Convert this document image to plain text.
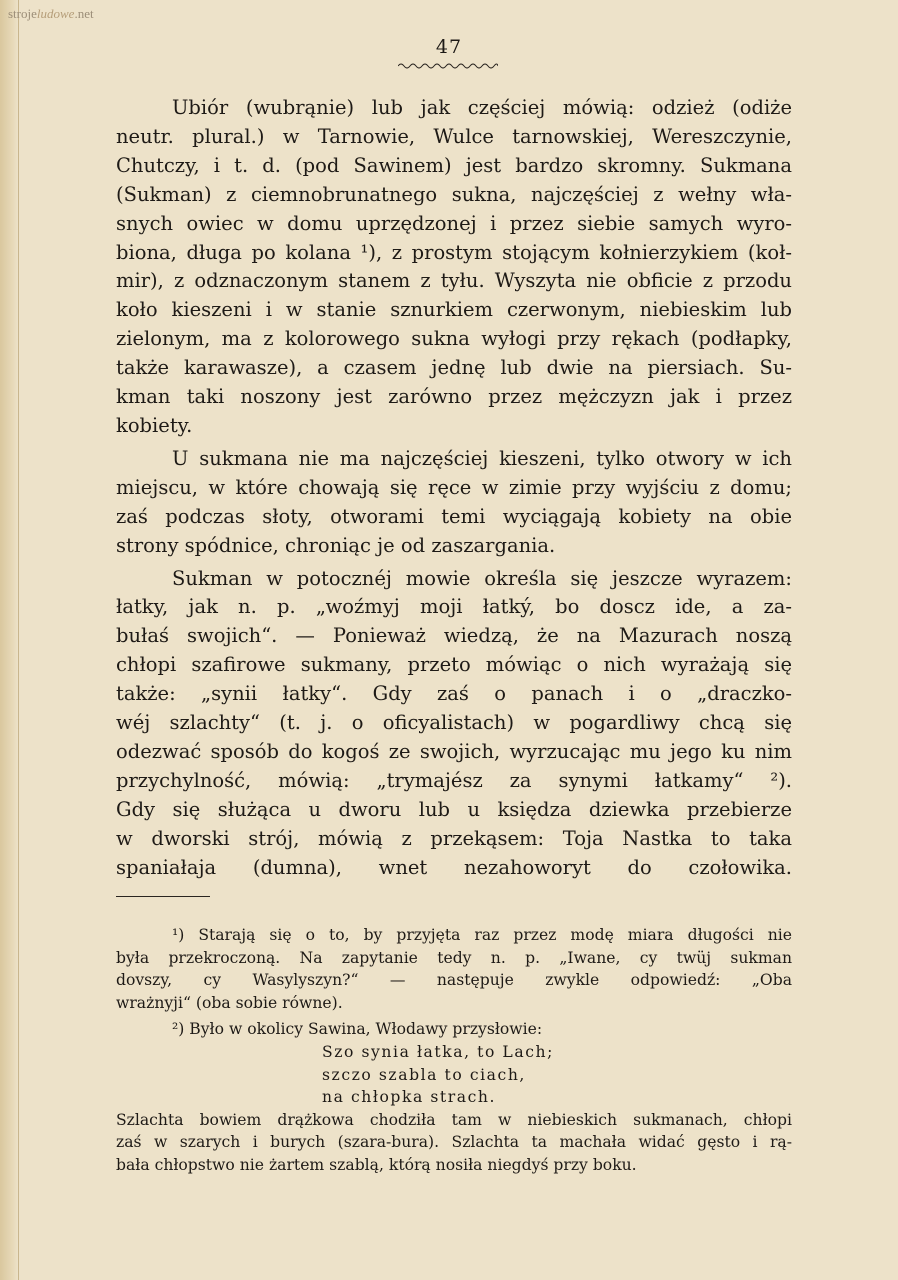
strojeludowe.net
47

Ubiór (wubrąnie) lub jak częściej mówią: odzież (odiże
neutr. plural.) w Tarnowie, Wulce tarnowskiej, Wereszczynie,
Chutczy, i t. d. (pod Sawinem) jest bardzo skromny. Sukmana
(Sukman) z ciemnobrunatnego sukna, najczęściej z wełny wła-
snych owiec w domu uprzędzonej i przez siebie samych wyro-
biona, długa po kolana ¹), z prostym stojącym kołnierzykiem (koł-
mir), z odznaczonym stanem z tyłu. Wyszyta nie obficie z przodu
koło kieszeni i w stanie sznurkiem czerwonym, niebieskim lub
zielonym, ma z kolorowego sukna wyłogi przy rękach (podłapky,
także karawasze), a czasem jednę lub dwie na piersiach. Su-
kman taki noszony jest zarówno przez mężczyzn jak i przez
kobiety.

U sukmana nie ma najczęściej kieszeni, tylko otwory w ich
miejscu, w które chowają się ręce w zimie przy wyjściu z domu;
zaś podczas słoty, otworami temi wyciągają kobiety na obie
strony spódnice, chroniąc je od zaszargania.

Sukman w potocznéj mowie określa się jeszcze wyrazem:
łatky, jak n. p. „woźmyj moji łatký, bo doscz ide, a za-
bułaś swojich“. — Ponieważ wiedzą, że na Mazurach noszą
chłopi szafirowe sukmany, przeto mówiąc o nich wyrażają się
także: „synii łatky“. Gdy zaś o panach i o „draczko-
wéj szlachty“ (t. j. o oficyalistach) w pogardliwy chcą się
odezwać sposób do kogoś ze swojich, wyrzucając mu jego ku nim
przychylność, mówią: „trymajész za synymi łatkamy“ ²).
Gdy się służąca u dworu lub u księdza dziewka przebierze
w dworski strój, mówią z przekąsem: Toja Nastka to taka
spaniałaja (dumna), wnet nezahoworyt do czołowika.

¹) Starają się o to, by przyjęta raz przez modę miara długości nie
była przekroczoną. Na zapytanie tedy n. p. „Iwane, cy twüj sukman
dovszy, cy Wasylyszyn?“ — następuje zwykle odpowiedź: „Oba
wrażnyji“ (oba sobie równe).

²) Było w okolicy Sawina, Włodawy przysłowie:
Szo synia łatka, to Lach;
szczo szabla to ciach,
na chłopka strach.
Szlachta bowiem drążkowa chodziła tam w niebieskich sukmanach, chłopi
zaś w szarych i burych (szara-bura). Szlachta ta machała widać gęsto i rą-
bała chłopstwo nie żartem szablą, którą nosiła niegdyś przy boku.
